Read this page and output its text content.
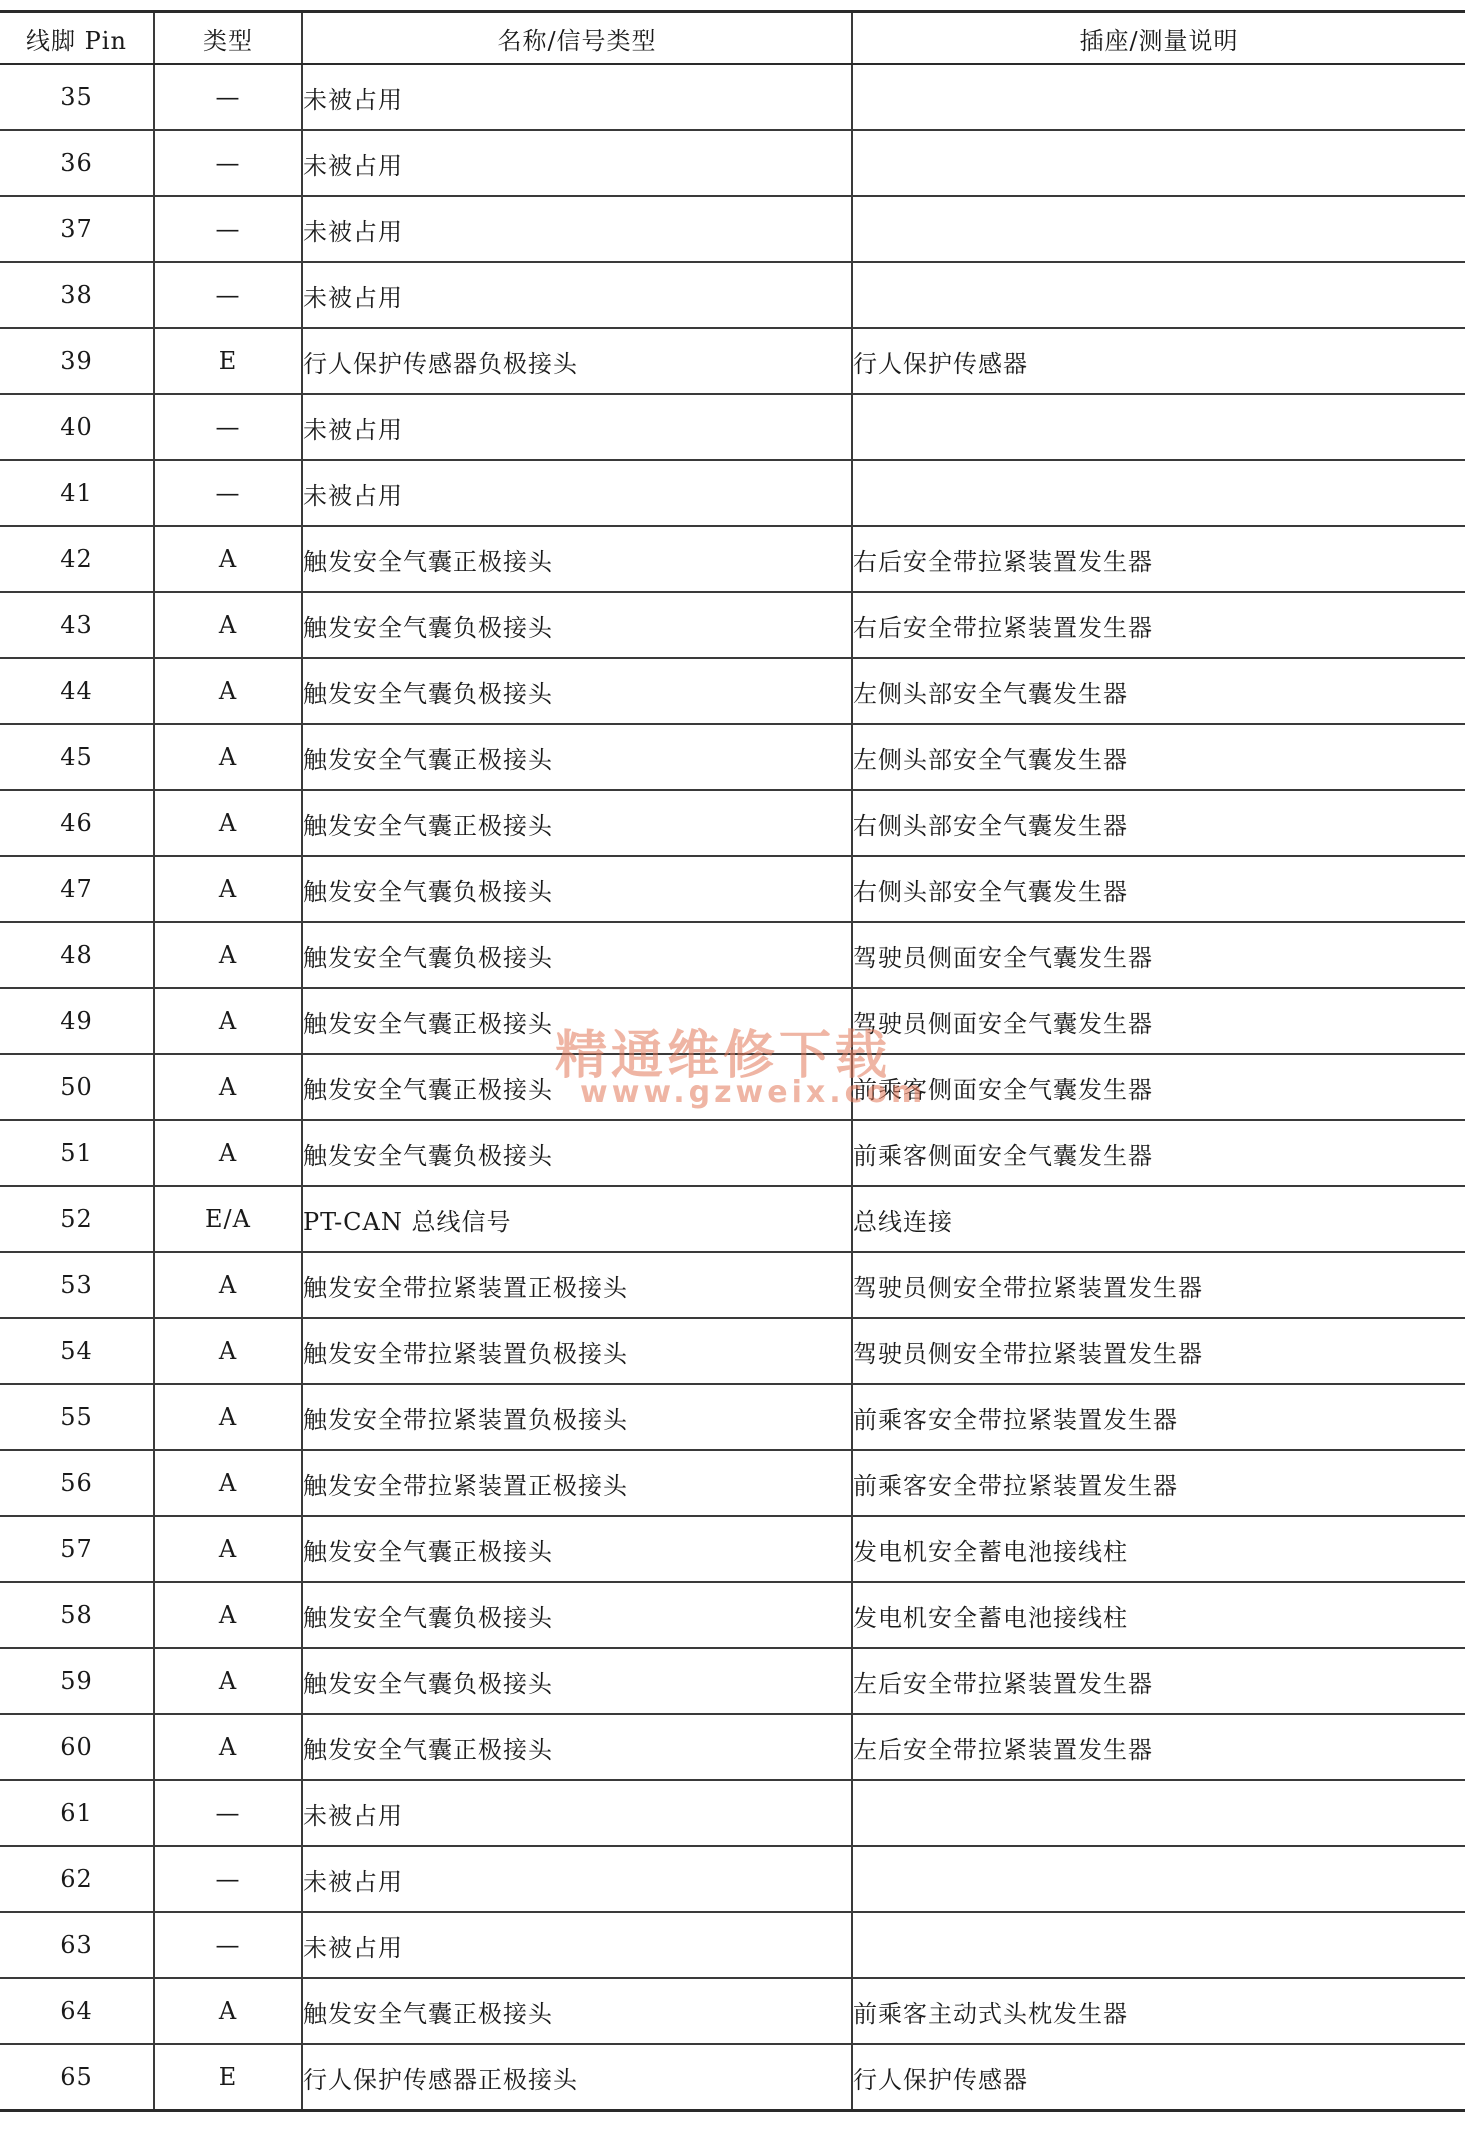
线脚 Pin	类型	名称/信号类型	插座/测量说明
35	—	未被占用	
36	—	未被占用	
37	—	未被占用	
38	—	未被占用	
39	E	行人保护传感器负极接头	行人保护传感器
40	—	未被占用	
41	—	未被占用	
42	A	触发安全气囊正极接头	右后安全带拉紧装置发生器
43	A	触发安全气囊负极接头	右后安全带拉紧装置发生器
44	A	触发安全气囊负极接头	左侧头部安全气囊发生器
45	A	触发安全气囊正极接头	左侧头部安全气囊发生器
46	A	触发安全气囊正极接头	右侧头部安全气囊发生器
47	A	触发安全气囊负极接头	右侧头部安全气囊发生器
48	A	触发安全气囊负极接头	驾驶员侧面安全气囊发生器
49	A	触发安全气囊正极接头	驾驶员侧面安全气囊发生器
50	A	触发安全气囊正极接头	前乘客侧面安全气囊发生器
51	A	触发安全气囊负极接头	前乘客侧面安全气囊发生器
52	E/A	PT-CAN 总线信号	总线连接
53	A	触发安全带拉紧装置正极接头	驾驶员侧安全带拉紧装置发生器
54	A	触发安全带拉紧装置负极接头	驾驶员侧安全带拉紧装置发生器
55	A	触发安全带拉紧装置负极接头	前乘客安全带拉紧装置发生器
56	A	触发安全带拉紧装置正极接头	前乘客安全带拉紧装置发生器
57	A	触发安全气囊正极接头	发电机安全蓄电池接线柱
58	A	触发安全气囊负极接头	发电机安全蓄电池接线柱
59	A	触发安全气囊负极接头	左后安全带拉紧装置发生器
60	A	触发安全气囊正极接头	左后安全带拉紧装置发生器
61	—	未被占用	
62	—	未被占用	
63	—	未被占用	
64	A	触发安全气囊正极接头	前乘客主动式头枕发生器
65	E	行人保护传感器正极接头	行人保护传感器
精通维修下载
www.gzweix.com
